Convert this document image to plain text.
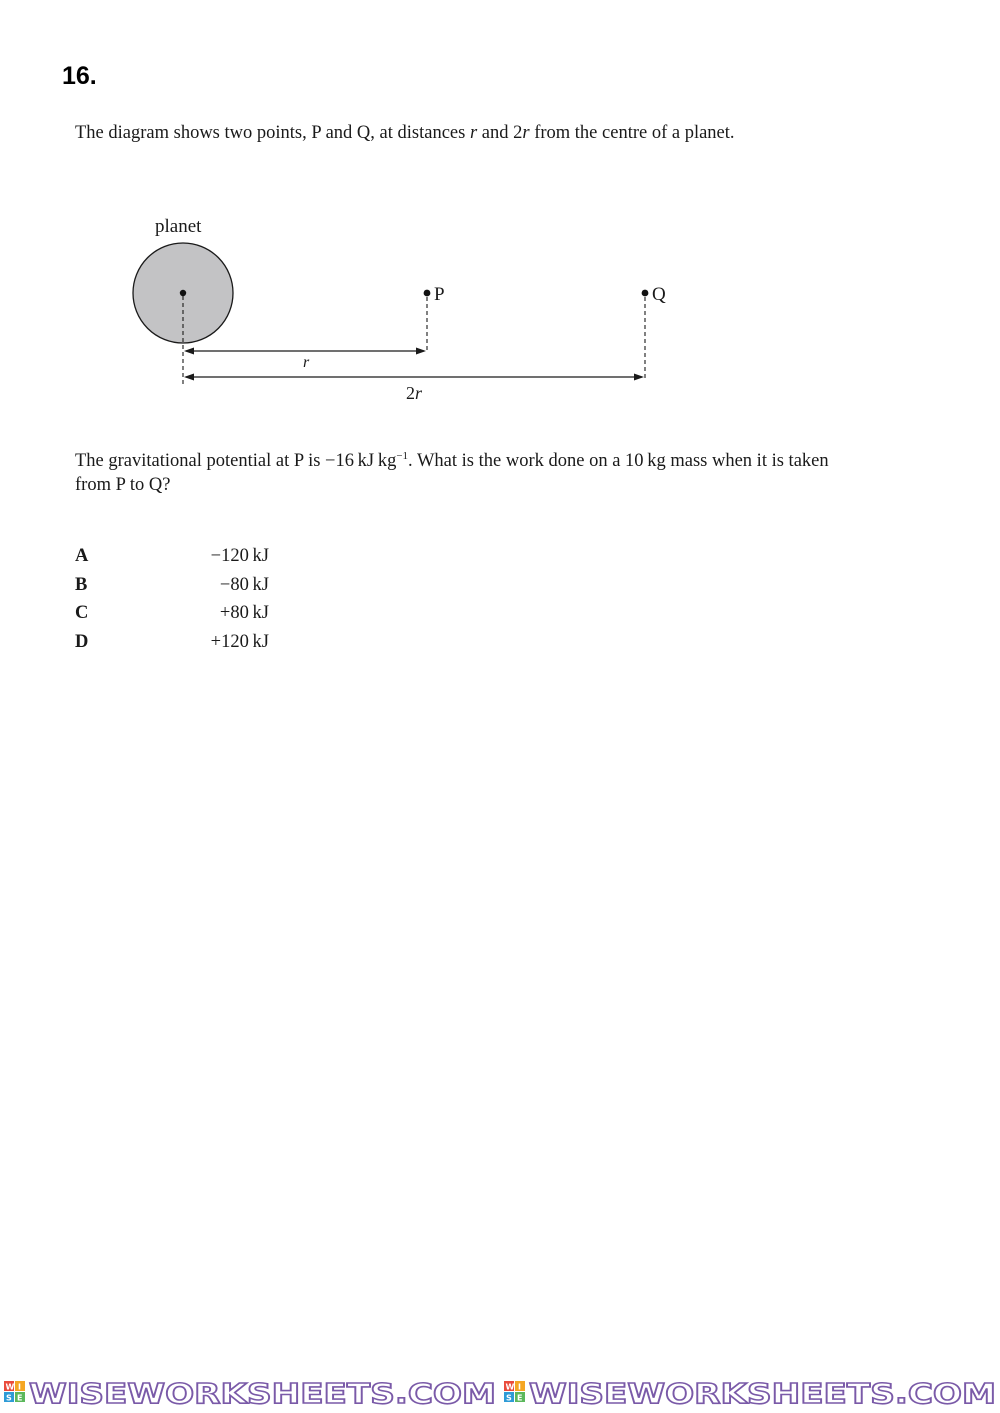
16.
The diagram shows two points, P and Q, at distances r and 2r from the centre of a planet.
planet
P	Q
r
2r
The gravitational potential at P is −16 kJ $kg^{-1}$. What is the work done on a 10 kg mass when it is taken from P to Q?
A	−120 kJ
B	−80 kJ
C	+80 kJ
D	+120 kJ
W I
S E WISEWORKSHEETS.COM W I
S E WISEWORKSHEETS.COM
